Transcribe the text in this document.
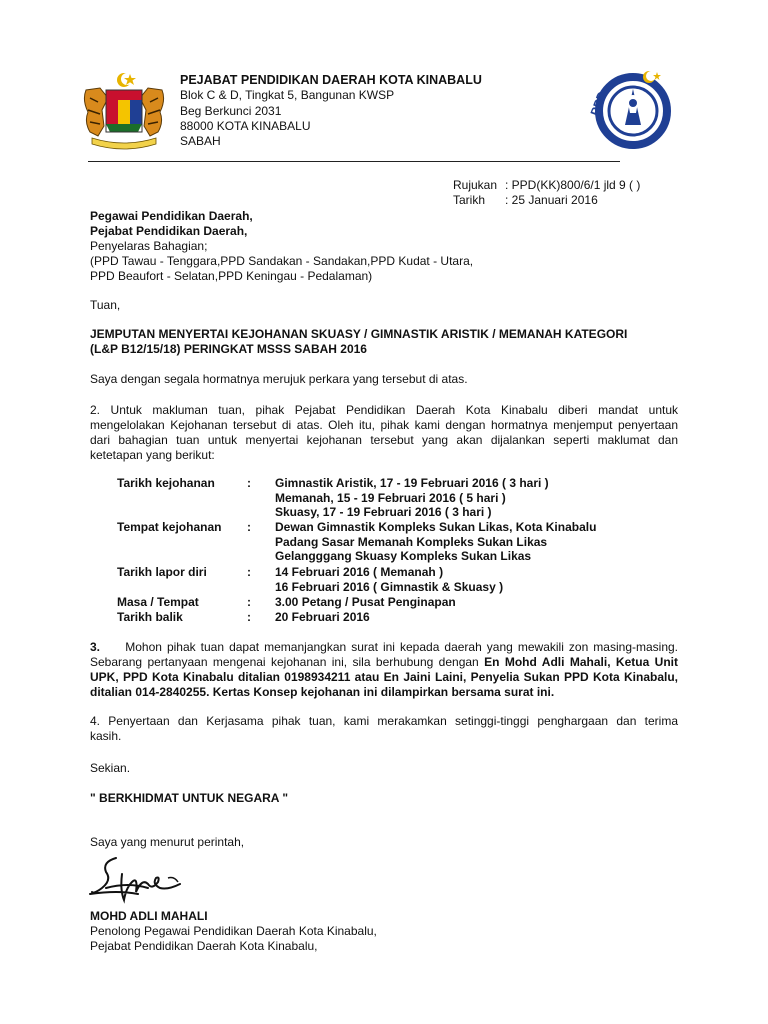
PEJABAT PENDIDIKAN DAERAH KOTA KINABALU
Blok C & D, Tingkat 5, Bangunan KWSP
Beg Berkunci 2031
88000 KOTA KINABALU
SABAH
PPD
Rujukan : PPD(KK)800/6/1 jld 9 ( )
Tarikh : 25 Januari 2016
Pegawai Pendidikan Daerah,
Pejabat Pendidikan Daerah,
Penyelaras Bahagian;
(PPD Tawau - Tenggara,PPD Sandakan - Sandakan,PPD Kudat - Utara,
PPD Beaufort - Selatan,PPD Keningau - Pedalaman)
Tuan,
JEMPUTAN MENYERTAI KEJOHANAN SKUASY / GIMNASTIK ARISTIK / MEMANAH KATEGORI
(L&P B12/15/18) PERINGKAT MSSS SABAH 2016
Saya dengan segala hormatnya merujuk perkara yang tersebut di atas.
2. Untuk makluman tuan, pihak Pejabat Pendidikan Daerah Kota Kinabalu diberi mandat untuk
mengelolakan Kejohanan tersebut di atas. Oleh itu, pihak kami dengan hormatnya menjemput penyertaan
dari bahagian tuan untuk menyertai kejohanan tersebut yang akan dijalankan seperti maklumat dan
ketetapan yang berikut:
Tarikh kejohanan	: Gimnastik Aristik, 17 - 19 Februari 2016 ( 3 hari )
Memanah, 15 - 19 Februari 2016 ( 5 hari )
Skuasy, 17 - 19 Februari 2016 ( 3 hari )
Tempat kejohanan : Dewan Gimnastik Kompleks Sukan Likas, Kota Kinabalu
Padang Sasar Memanah Kompleks Sukan Likas
Gelangggang Skuasy Kompleks Sukan Likas
Tarikh lapor diri	: 14 Februari 2016 ( Memanah )
16 Februari 2016 ( Gimnastik & Skuasy )
Masa / Tempat	: 3.00 Petang / Pusat Penginapan
Tarikh balik	: 20 Februari 2016
3. Mohon pihak tuan dapat memanjangkan surat ini kepada daerah yang mewakili zon masing-masing.
Sebarang pertanyaan mengenai kejohanan ini, sila berhubung dengan En Mohd Adli Mahali, Ketua Unit
UPK, PPD Kota Kinabalu ditalian 0198934211 atau En Jaini Laini, Penyelia Sukan PPD Kota Kinabalu,
ditalian 014-2840255. Kertas Konsep kejohanan ini dilampirkan bersama surat ini.
4. Penyertaan dan Kerjasama pihak tuan, kami merakamkan setinggi-tinggi penghargaan dan terima
kasih.
Sekian.
" BERKHIDMAT UNTUK NEGARA "
Saya yang menurut perintah,
MOHD ADLI MAHALI
Penolong Pegawai Pendidikan Daerah Kota Kinabalu,
Pejabat Pendidikan Daerah Kota Kinabalu,
